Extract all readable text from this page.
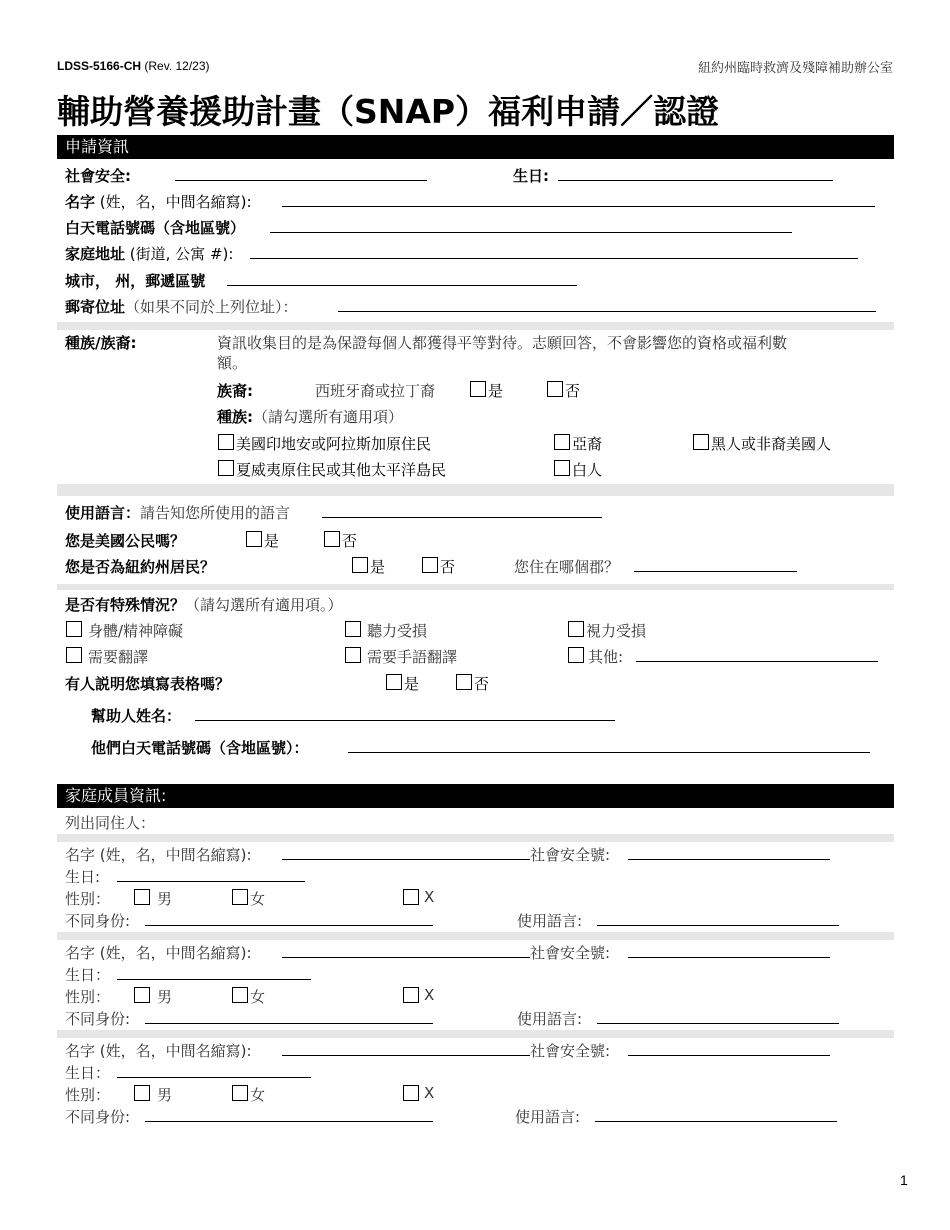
LDSS-5166-CH (Rev. 12/23)	紐約州臨時救濟及殘障補助辦公室
輔助營養援助計畫（SNAP）福利申請／認證
申請資訊
社會安全:	生日:
名字 (姓，名，中間名縮寫):
白天電話號碼（含地區號）
家庭地址 (街道, 公寓 #):
城市， 州，郵遞區號
郵寄位址（如果不同於上列位址）：
種族/族裔:	資訊收集目的是為保證每個人都獲得平等對待。志願回答，不會影響您的資格或福利數
額。
族裔:	西班牙裔或拉丁裔	是	否
種族:（請勾選所有適用項）
美國印地安或阿拉斯加原住民	亞裔	黑人或非裔美國人
夏威夷原住民或其他太平洋島民	白人
使用語言：請告知您所使用的語言
您是美國公民嗎？	是	否
您是否為紐約州居民？	是	否	您住在哪個郡？
是否有特殊情況？（請勾選所有適用項。）
身體/精神障礙	聽力受損	視力受損
需要翻譯	需要手語翻譯	其他:
有人説明您填寫表格嗎？	是	否
幫助人姓名：
他們白天電話號碼（含地區號）：
家庭成員資訊:
列出同住人：
名字 (姓，名，中間名縮寫):	社會安全號:
生日:
性別：	男	女	X
不同身份:	使用語言:
名字 (姓，名，中間名縮寫):	社會安全號:
生日：
性別：	男	女	X
不同身份:	使用語言:
名字 (姓，名，中間名縮寫):	社會安全號:
生日：
性別：	男	女	X
不同身份:	使用語言:
1
